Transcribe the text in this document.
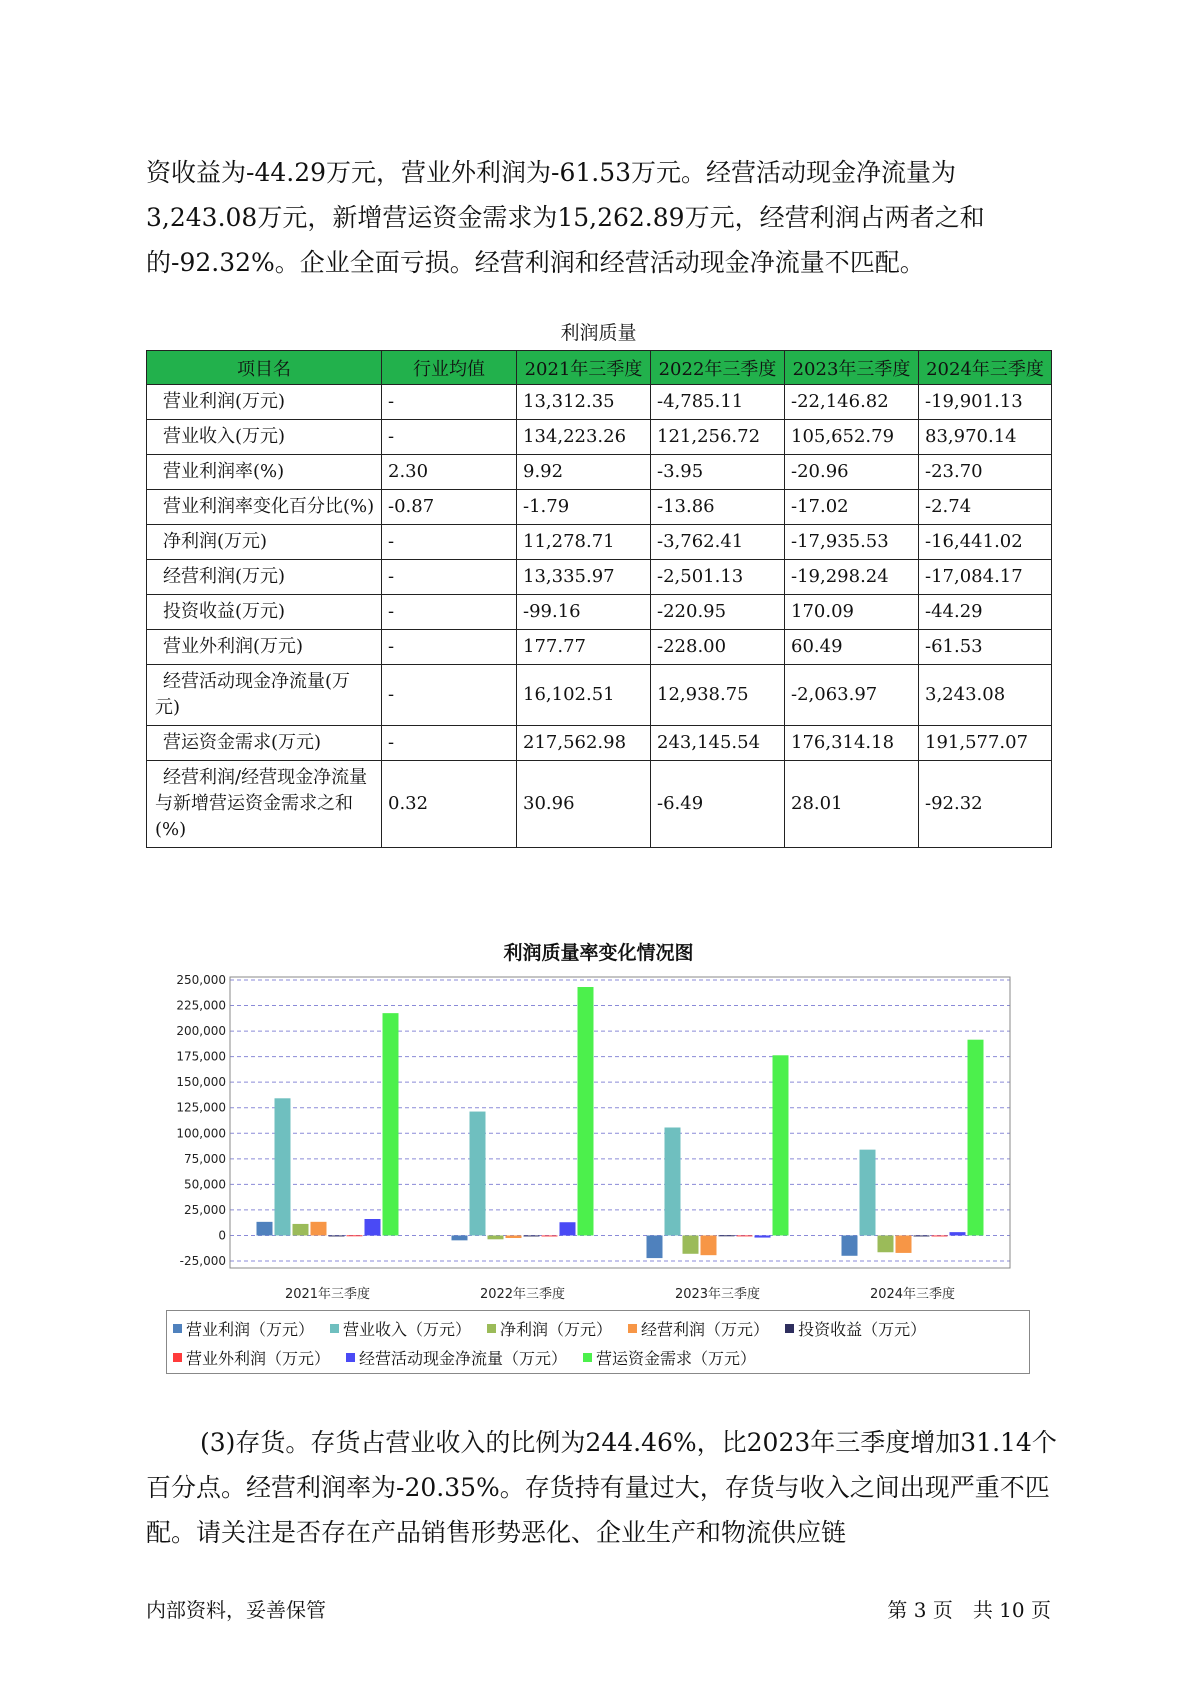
资收益为-44.29万元，营业外利润为-61.53万元。经营活动现金净流量为3,243.08万元，新增营运资金需求为15,262.89万元，经营利润占两者之和的-92.32%。企业全面亏损。经营利润和经营活动现金净流量不匹配。

利润质量
项目名	行业均值	2021年三季度	2022年三季度	2023年三季度	2024年三季度
营业利润(万元)	-	13,312.35	-4,785.11	-22,146.82	-19,901.13
营业收入(万元)	-	134,223.26	121,256.72	105,652.79	83,970.14
营业利润率(%)	2.30	9.92	-3.95	-20.96	-23.70
营业利润率变化百分比(%)	-0.87	-1.79	-13.86	-17.02	-2.74
净利润(万元)	-	11,278.71	-3,762.41	-17,935.53	-16,441.02
经营利润(万元)	-	13,335.97	-2,501.13	-19,298.24	-17,084.17
投资收益(万元)	-	-99.16	-220.95	170.09	-44.29
营业外利润(万元)	-	177.77	-228.00	60.49	-61.53
经营活动现金净流量(万元)	-	16,102.51	12,938.75	-2,063.97	3,243.08
营运资金需求(万元)	-	217,562.98	243,145.54	176,314.18	191,577.07
经营利润/经营现金净流量与新增营运资金需求之和(%)	0.32	30.96	-6.49	28.01	-92.32
利润质量率变化情况图
-25,000
0
25,000
50,000
75,000
100,000
125,000
150,000
175,000
200,000
225,000
250,000
2021年三季度	2022年三季度	2023年三季度	2024年三季度
营业利润（万元） 营业收入（万元） 净利润（万元） 经营利润（万元） 投资收益（万元）
营业外利润（万元） 经营活动现金净流量（万元） 营运资金需求（万元）

(3)存货。存货占营业收入的比例为244.46%，比2023年三季度增加31.14个百分点。经营利润率为-20.35%。存货持有量过大，存货与收入之间出现严重不匹配。请关注是否存在产品销售形势恶化、企业生产和物流供应链

内部资料，妥善保管	第 3 页　共 10 页
